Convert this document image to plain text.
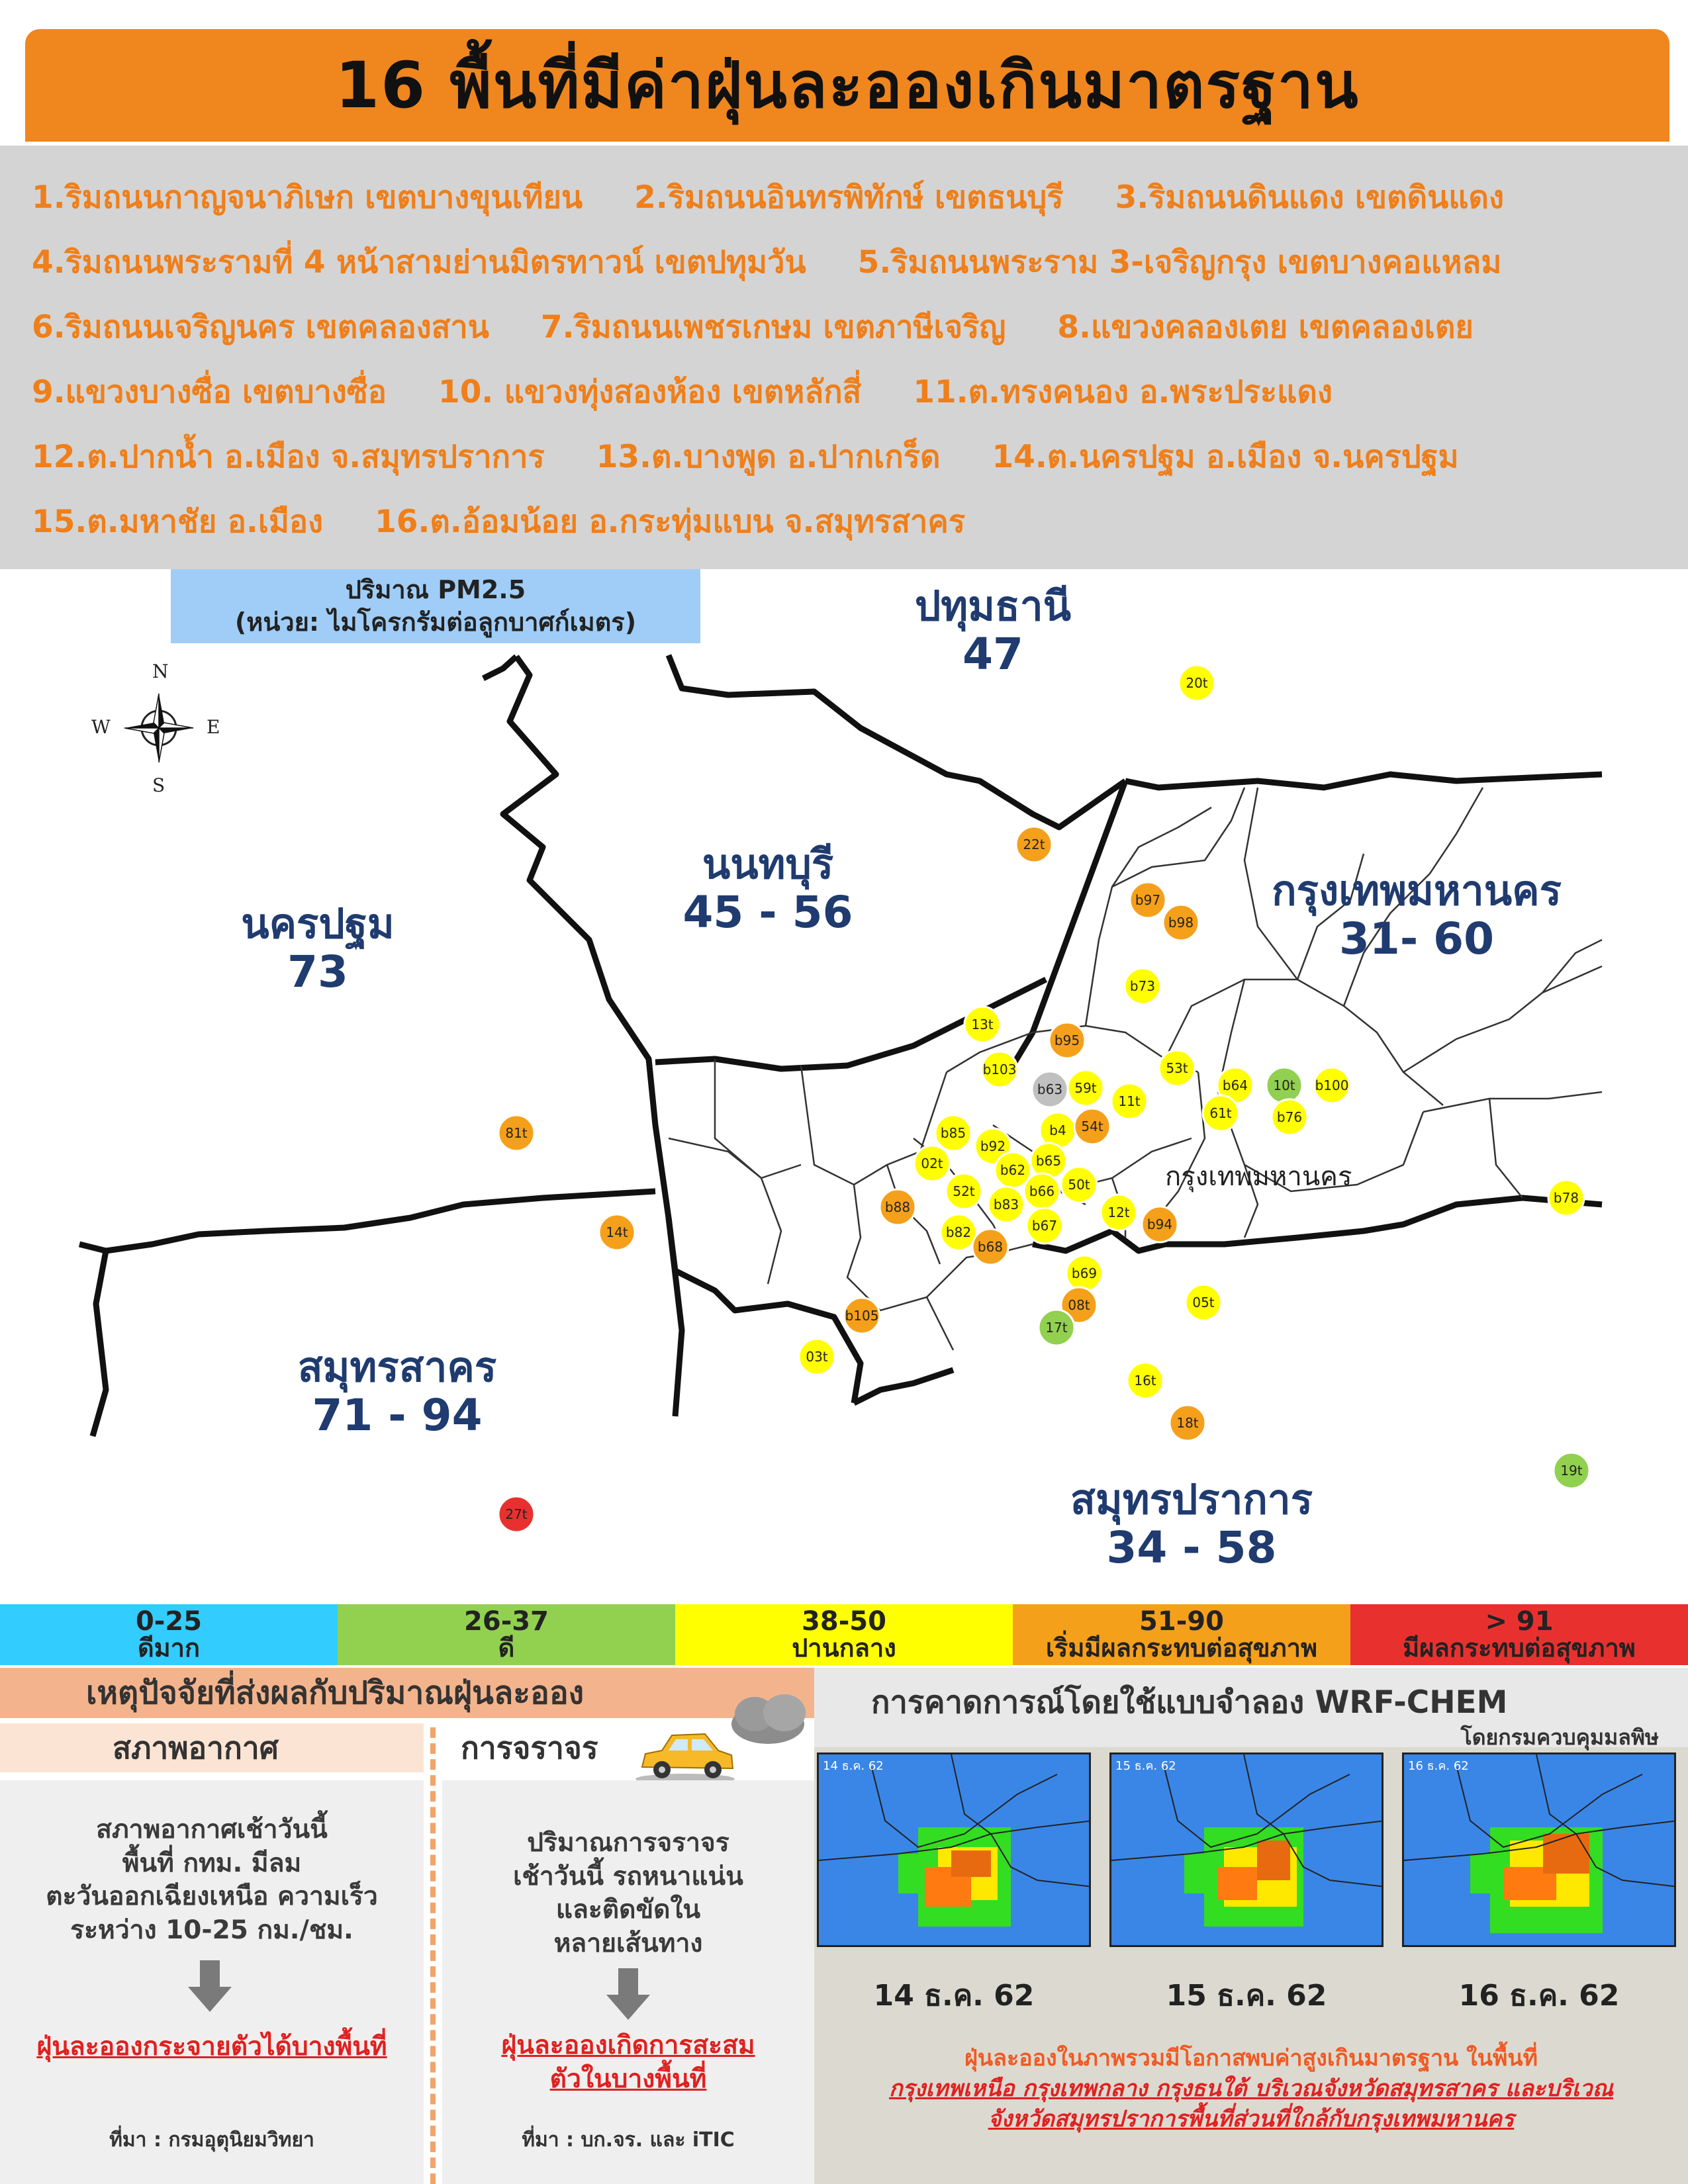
16 พื้นที่มีค่าฝุ่นละอองเกินมาตรฐาน
1.ริมถนนกาญจนาภิเษก เขตบางขุนเทียน 2.ริมถนนอินทรพิทักษ์ เขตธนบุรี 3.ริมถนนดินแดง เขตดินแดง
4.ริมถนนพระรามที่ 4 หน้าสามย่านมิตรทาวน์ เขตปทุมวัน 5.ริมถนนพระราม 3-เจริญกรุง เขตบางคอแหลม
6.ริมถนนเจริญนคร เขตคลองสาน 7.ริมถนนเพชรเกษม เขตภาษีเจริญ 8.แขวงคลองเตย เขตคลองเตย
9.แขวงบางซื่อ เขตบางซื่อ 10. แขวงทุ่งสองห้อง เขตหลักสี่ 11.ต.ทรงคนอง อ.พระประแดง
12.ต.ปากน้ำ อ.เมือง จ.สมุทรปราการ 13.ต.บางพูด อ.ปากเกร็ด 14.ต.นครปฐม อ.เมือง จ.นครปฐม
15.ต.มหาชัย อ.เมือง 16.ต.อ้อมน้อย อ.กระทุ่มแบน จ.สมุทรสาคร
20t
22t
b97
b98
b73
13t
b95
b103
b63 59t
11t
53t
b64 10t b100
61t	b76
b85	b4 54t
b92
02t	b65
b62
52t	b66 50t
b83
b88	12t
b94
b82	b67
b68
b69
08t
b105
17t
05t
03t
16t
18t
81t
14t
27t
b78
19t
N
S
W	E
ปริมาณ PM2.5
(หน่วย: ไมโครกรัมต่อลูกบาศก์เมตร)	ปทุมธานี
47
นนทบุรี
45 - 56	กรุงเทพมหานคร
31- 60
นครปฐม
73
สมุทรสาคร
71 - 94
สมุทรปราการ
34 - 58
กรุงเทพมหานคร
0-25
ดีมาก
26-37
ดี
38-50
ปานกลาง
51-90
เริ่มมีผลกระทบต่อสุขภาพ
> 91
มีผลกระทบต่อสุขภาพ
เหตุปัจจัยที่ส่งผลกับปริมาณฝุ่นละออง
สภาพอากาศ	การจราจร
สภาพอากาศเช้าวันนี้
พื้นที่ กทม. มีลม
ตะวันออกเฉียงเหนือ ความเร็ว
ระหว่าง 10-25 กม./ชม.
ฝุ่นละอองกระจายตัวได้บางพื้นที่
ที่มา : กรมอุตุนิยมวิทยา
ปริมาณการจราจร
เช้าวันนี้ รถหนาแน่น
และติดขัดใน
หลายเส้นทาง
ฝุ่นละอองเกิดการสะสม
ตัวในบางพื้นที่
ที่มา : บก.จร. และ iTIC
การคาดการณ์โดยใช้แบบจำลอง WRF-CHEM
โดยกรมควบคุมมลพิษ
14 ธ.ค. 62	15 ธ.ค. 62	16 ธ.ค. 62
14 ธ.ค. 62	15 ธ.ค. 62	16 ธ.ค. 62
ฝุ่นละอองในภาพรวมมีโอกาสพบค่าสูงเกินมาตรฐาน ในพื้นที่
กรุงเทพเหนือ กรุงเทพกลาง กรุงธนใต้ บริเวณจังหวัดสมุทรสาคร และบริเวณ
จังหวัดสมุทรปราการพื้นที่ส่วนที่ใกล้กับกรุงเทพมหานคร
